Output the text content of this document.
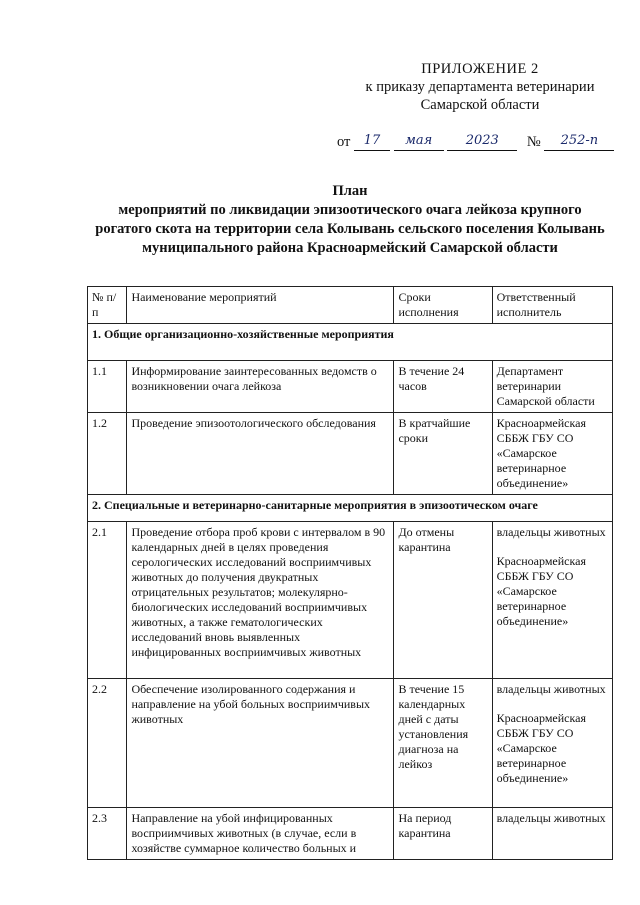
ПРИЛОЖЕНИЕ 2
к приказу департамента ветеринарии
Самарской области
от 17 мая	2023 № 252-п
План
мероприятий по ликвидации эпизоотического очага лейкоза крупного рогатого скота на территории села Колывань сельского поселения Колывань муниципального района Красноармейский Самарской области
№ п/п	Наименование мероприятий	Сроки исполнения	Ответственный исполнитель
1. Общие организационно-хозяйственные мероприятия			
1.1	Информирование заинтересованных ведомств о возникновении очага лейкоза	В течение 24 часов	Департамент ветеринарии Самарской области
1.2	Проведение эпизоотологического обследования	В кратчайшие сроки	Красноармейская СББЖ ГБУ СО «Самарское ветеринарное объединение»
2. Специальные и ветеринарно-санитарные мероприятия в эпизоотическом очаге			
2.1	Проведение отбора проб крови с интервалом в 90 календарных дней в целях проведения серологических исследований восприимчивых животных до получения двукратных отрицательных результатов; молекулярно-биологических исследований восприимчивых животных, а также гематологических исследований вновь выявленных инфицированных восприимчивых животных	До отмены карантина	владельцы животных
Красноармейская СББЖ ГБУ СО «Самарское ветеринарное объединение»

2.2	Обеспечение изолированного содержания и направление на убой больных восприимчивых животных	В течение 15 календарных дней с даты установления диагноза на лейкоз	владельцы животных
Красноармейская СББЖ ГБУ СО «Самарское ветеринарное объединение»

2.3	Направление на убой инфицированных восприимчивых животных (в случае, если в хозяйстве суммарное количество больных и	На период карантина	владельцы животных
